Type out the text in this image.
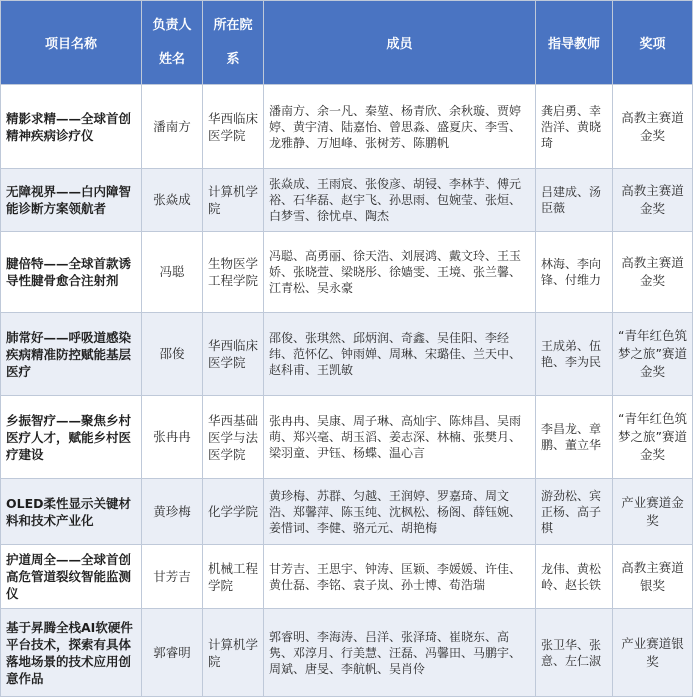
项目名称	负责人姓名	所在院系	成员	指导教师	奖项

精影求精——全球首创精神疾病诊疗仪	潘南方	华西临床医学院	潘南方、余一凡、秦堃、杨青欣、余秋璇、贾婷婷、黄宇清、陆嘉怡、曾思淼、盛夏庆、李雪、龙雅静、万旭峰、张树芳、陈鹏帆	龚启勇、幸浩洋、黄晓琦	高教主赛道金奖
无障视界——白内障智能诊断方案领航者	张焱成	计算机学院	张焱成、王雨宸、张俊彦、胡锓、李林芋、傅元裕、石华磊、赵宇飞、孙思雨、包婉莹、张烜、白梦雪、徐忧卓、陶杰	吕建成、汤臣薇	高教主赛道金奖
腱倍特——全球首款诱导性腱骨愈合注射剂	冯聪	生物医学工程学院	冯聪、高勇丽、徐天浩、刘展鸿、戴文玲、王玉娇、张晓萱、梁晓彤、徐嫱雯、王境、张兰馨、江青松、吴永豪	林海、李向锋、付维力	高教主赛道金奖
肺常好——呼吸道感染疾病精准防控赋能基层医疗	邵俊	华西临床医学院	邵俊、张琪然、邱炳润、奇鑫、吴佳阳、李经纬、范怀亿、钟雨婵、周琳、宋璐佳、兰天中、赵科甫、王凯敏	王成弟、伍艳、李为民	“青年红色筑梦之旅”赛道金奖
乡振智疗——聚焦乡村医疗人才，赋能乡村医疗建设	张冉冉	华西基础医学与法医学院	张冉冉、吴康、周子琳、高灿宇、陈炜昌、吴雨萌、郑兴毫、胡玉滔、姜志深、林楠、张樊月、梁羽童、尹钰、杨蝶、温心言	李昌龙、章鹏、董立华	“青年红色筑梦之旅”赛道金奖
OLED柔性显示关键材料和技术产业化	黄珍梅	化学学院	黄珍梅、苏群、匀越、王润婷、罗嘉琦、周文浩、郑馨萍、陈玉纯、沈枫松、杨阁、薛钰婉、姜惜词、李健、骆元元、胡艳梅	游劲松、宾正杨、高子棋	产业赛道金奖
护道周全——全球首创高危管道裂纹智能监测仪	甘芳吉	机械工程学院	甘芳吉、王思宇、钟涛、匡颖、李媛媛、许佳、黄仕磊、李铭、袁子岚、孙士博、荀浩瑞	龙伟、黄松岭、赵长铁	高教主赛道银奖
基于昇腾全栈AI软硬件平台技术，探索有具体落地场景的技术应用创意作品	郭睿明	计算机学院	郭睿明、李海涛、吕洋、张泽琦、崔晓东、高隽、邓淳月、行美慧、汪磊、冯馨田、马鹏宇、周斌、唐旻、李航帆、吴肖伶	张卫华、张意、左仁淑	产业赛道银奖
